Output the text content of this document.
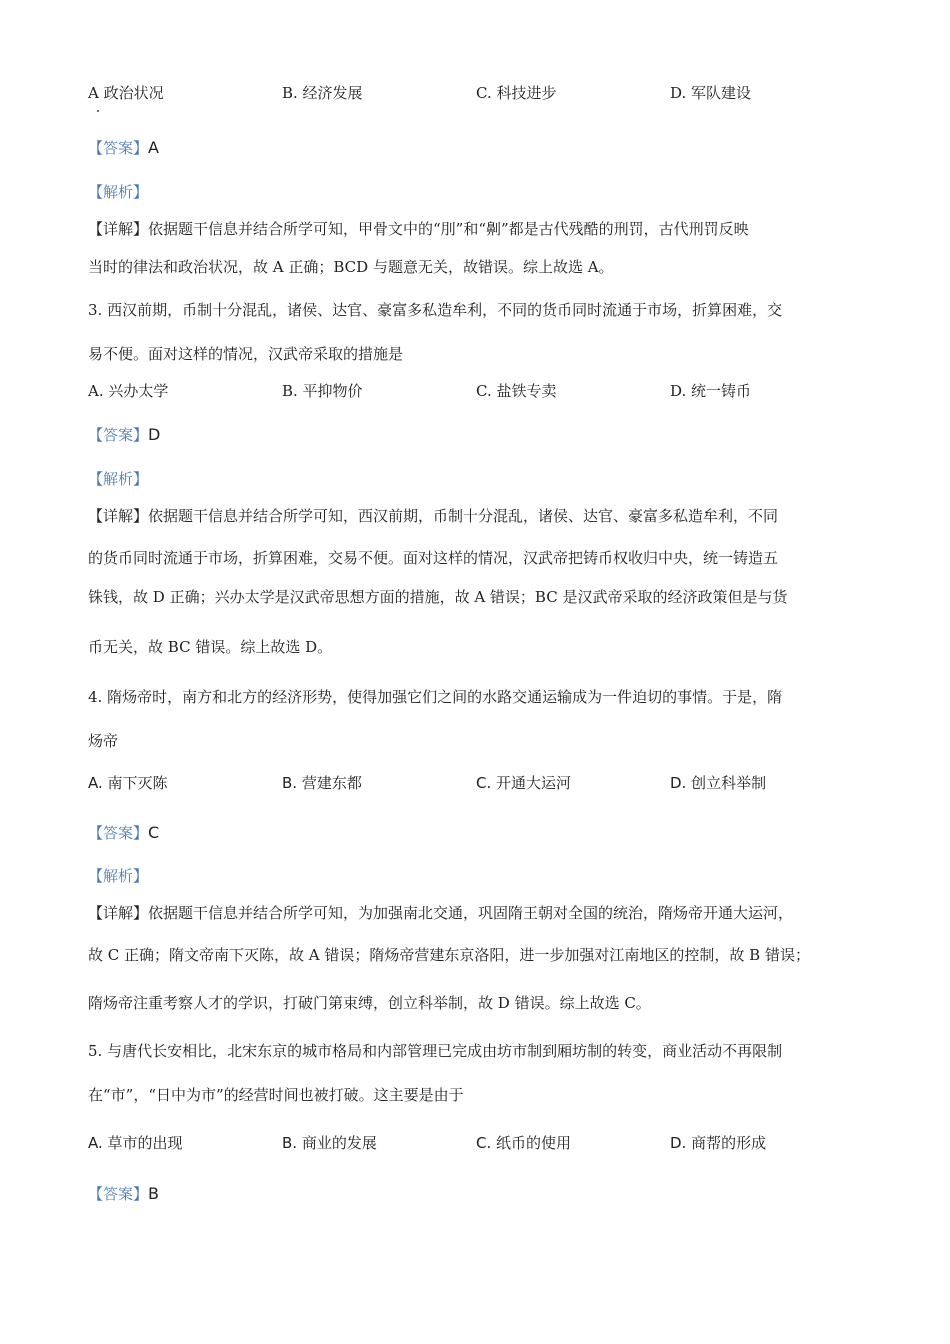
A 政治状况	B. 经济发展	C. 科技进步	D. 军队建设
【答案】A
【解析】
【详解】依据题干信息并结合所学可知，甲骨文中的“刖”和“劓”都是古代残酷的刑罚，古代刑罚反映
当时的律法和政治状况，故 A 正确；BCD 与题意无关，故错误。综上故选 A。
3. 西汉前期，币制十分混乱，诸侯、达官、豪富多私造牟利，不同的货币同时流通于市场，折算困难，交
易不便。面对这样的情况，汉武帝采取的措施是
A. 兴办太学	B. 平抑物价	C. 盐铁专卖	D. 统一铸币
【答案】D
【解析】
【详解】依据题干信息并结合所学可知，西汉前期，币制十分混乱，诸侯、达官、豪富多私造牟利，不同
的货币同时流通于市场，折算困难，交易不便。面对这样的情况，汉武帝把铸币权收归中央，统一铸造五
铢钱，故 D 正确；兴办太学是汉武帝思想方面的措施，故 A 错误；BC 是汉武帝采取的经济政策但是与货
币无关，故 BC 错误。综上故选 D。
4. 隋炀帝时，南方和北方的经济形势，使得加强它们之间的水路交通运输成为一件迫切的事情。于是，隋
炀帝
A. 南下灭陈	B. 营建东都	C. 开通大运河	D. 创立科举制
【答案】C
【解析】
【详解】依据题干信息并结合所学可知，为加强南北交通，巩固隋王朝对全国的统治，隋炀帝开通大运河，
故 C 正确；隋文帝南下灭陈，故 A 错误；隋炀帝营建东京洛阳，进一步加强对江南地区的控制，故 B 错误；
隋炀帝注重考察人才的学识，打破门第束缚，创立科举制，故 D 错误。综上故选 C。
5. 与唐代长安相比，北宋东京的城市格局和内部管理已完成由坊市制到厢坊制的转变，商业活动不再限制
在“市”，“日中为市”的经营时间也被打破。这主要是由于
A. 草市的出现	B. 商业的发展	C. 纸币的使用	D. 商帮的形成
【答案】B
